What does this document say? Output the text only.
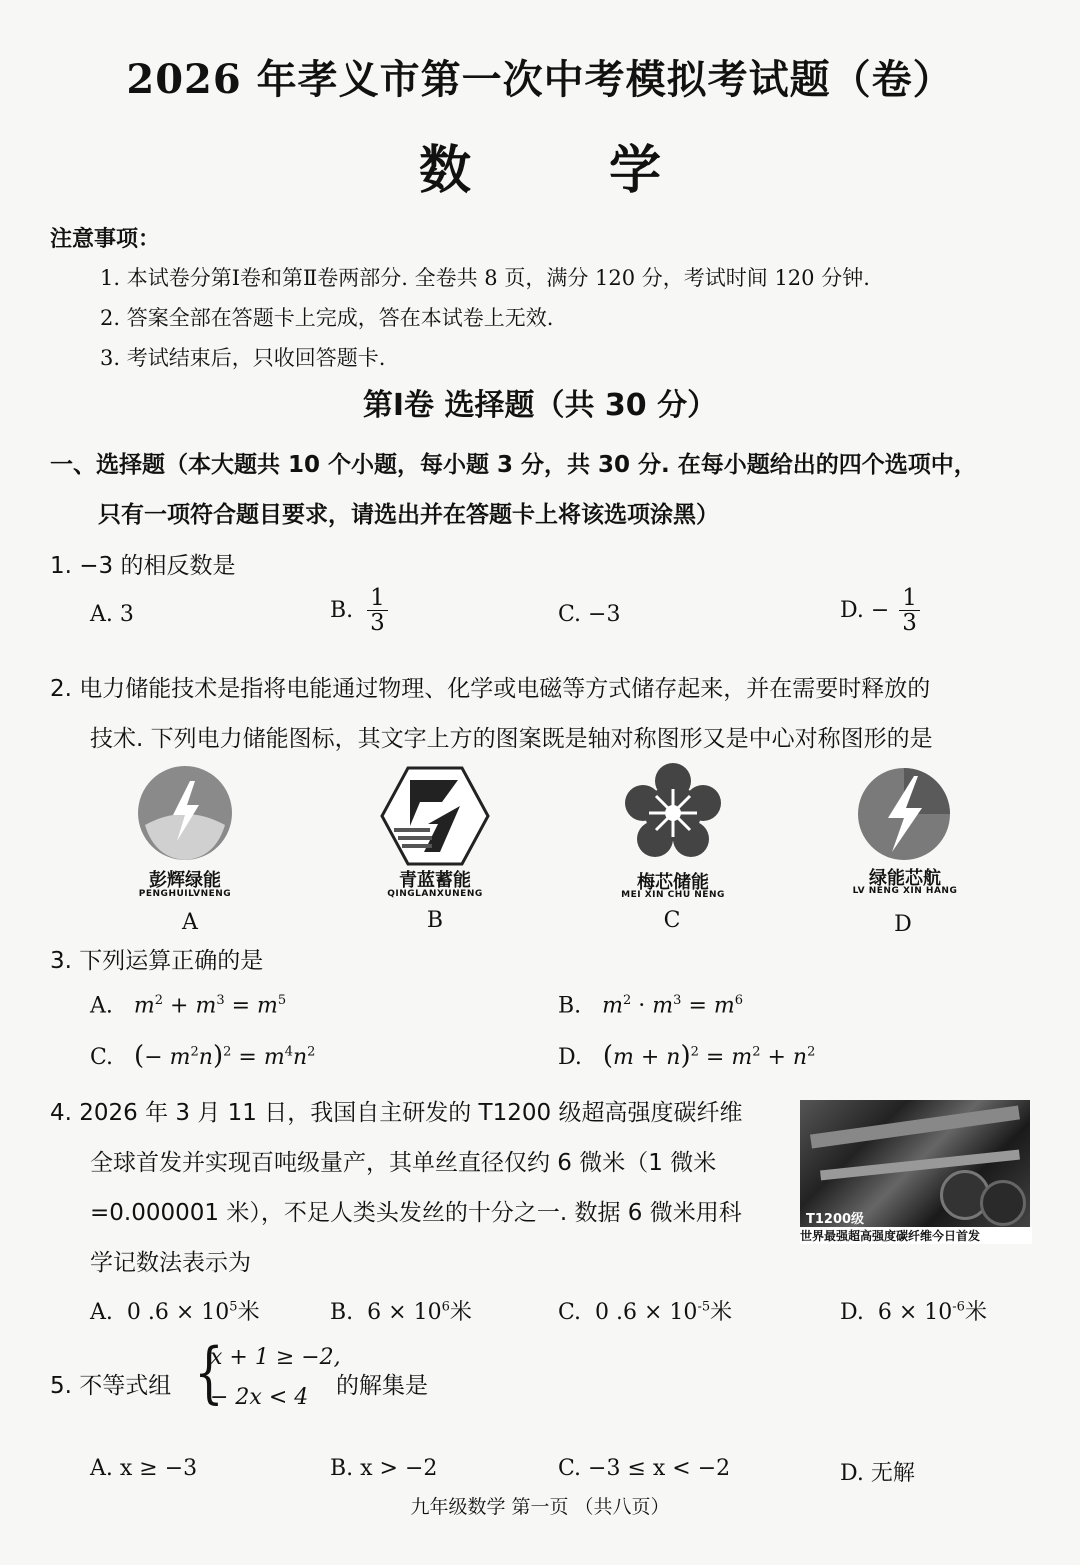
2026 年孝义市第一次中考模拟考试题（卷）
数 学
注意事项：
1. 本试卷分第Ⅰ卷和第Ⅱ卷两部分. 全卷共 8 页，满分 120 分，考试时间 120 分钟.
2. 答案全部在答题卡上完成，答在本试卷上无效.
3. 考试结束后，只收回答题卡.
第Ⅰ卷 选择题（共 30 分）
一、选择题（本大题共 10 个小题，每小题 3 分，共 30 分. 在每小题给出的四个选项中，
只有一项符合题目要求，请选出并在答题卡上将该选项涂黑）
1. −3 的相反数是
A. 3	B. $\frac{1}{3}$	C. −3	D. − $\frac{1}{3}$
2. 电力储能技术是指将电能通过物理、化学或电磁等方式储存起来，并在需要时释放的
技术. 下列电力储能图标，其文字上方的图案既是轴对称图形又是中心对称图形的是
彭辉绿能
PENGHUILVNENG
A
青蓝蓄能
QINGLANXUNENG
B
梅芯储能
MEI XIN CHU NENG
C
绿能芯航
LV NENG XIN HANG
D
3. 下列运算正确的是
A. $m^2 + m^3 = m^5$	B. $m^2 \cdot m^3 = m^6$
C. (− $m^2n)^2 = m^4n^2$	D. $(m + n)^2 = m^2 + n^2$
4. 2026 年 3 月 11 日，我国自主研发的 T1200 级超高强度碳纤维
全球首发并实现百吨级量产，其单丝直径仅约 6 微米（1 微米
=0.000001 米），不足人类头发丝的十分之一. 数据 6 微米用科
学记数法表示为
T1200级
世界最强超高强度碳纤维今日首发
A.  0 $.6 \times 10^5$米	B.  $6 \times 10^6$米	C.  0 $.6 \times 10^{-5}$米	D.  $6 \times 10^{-6}$米
5. 不等式组 {
x + 1 ≥ −2,
− 2x < 4 的解集是
A. x ≥ −3	B. x > −2	C. −3 ≤ x < −2	D. 无解
九年级数学 第一页 （共八页）
